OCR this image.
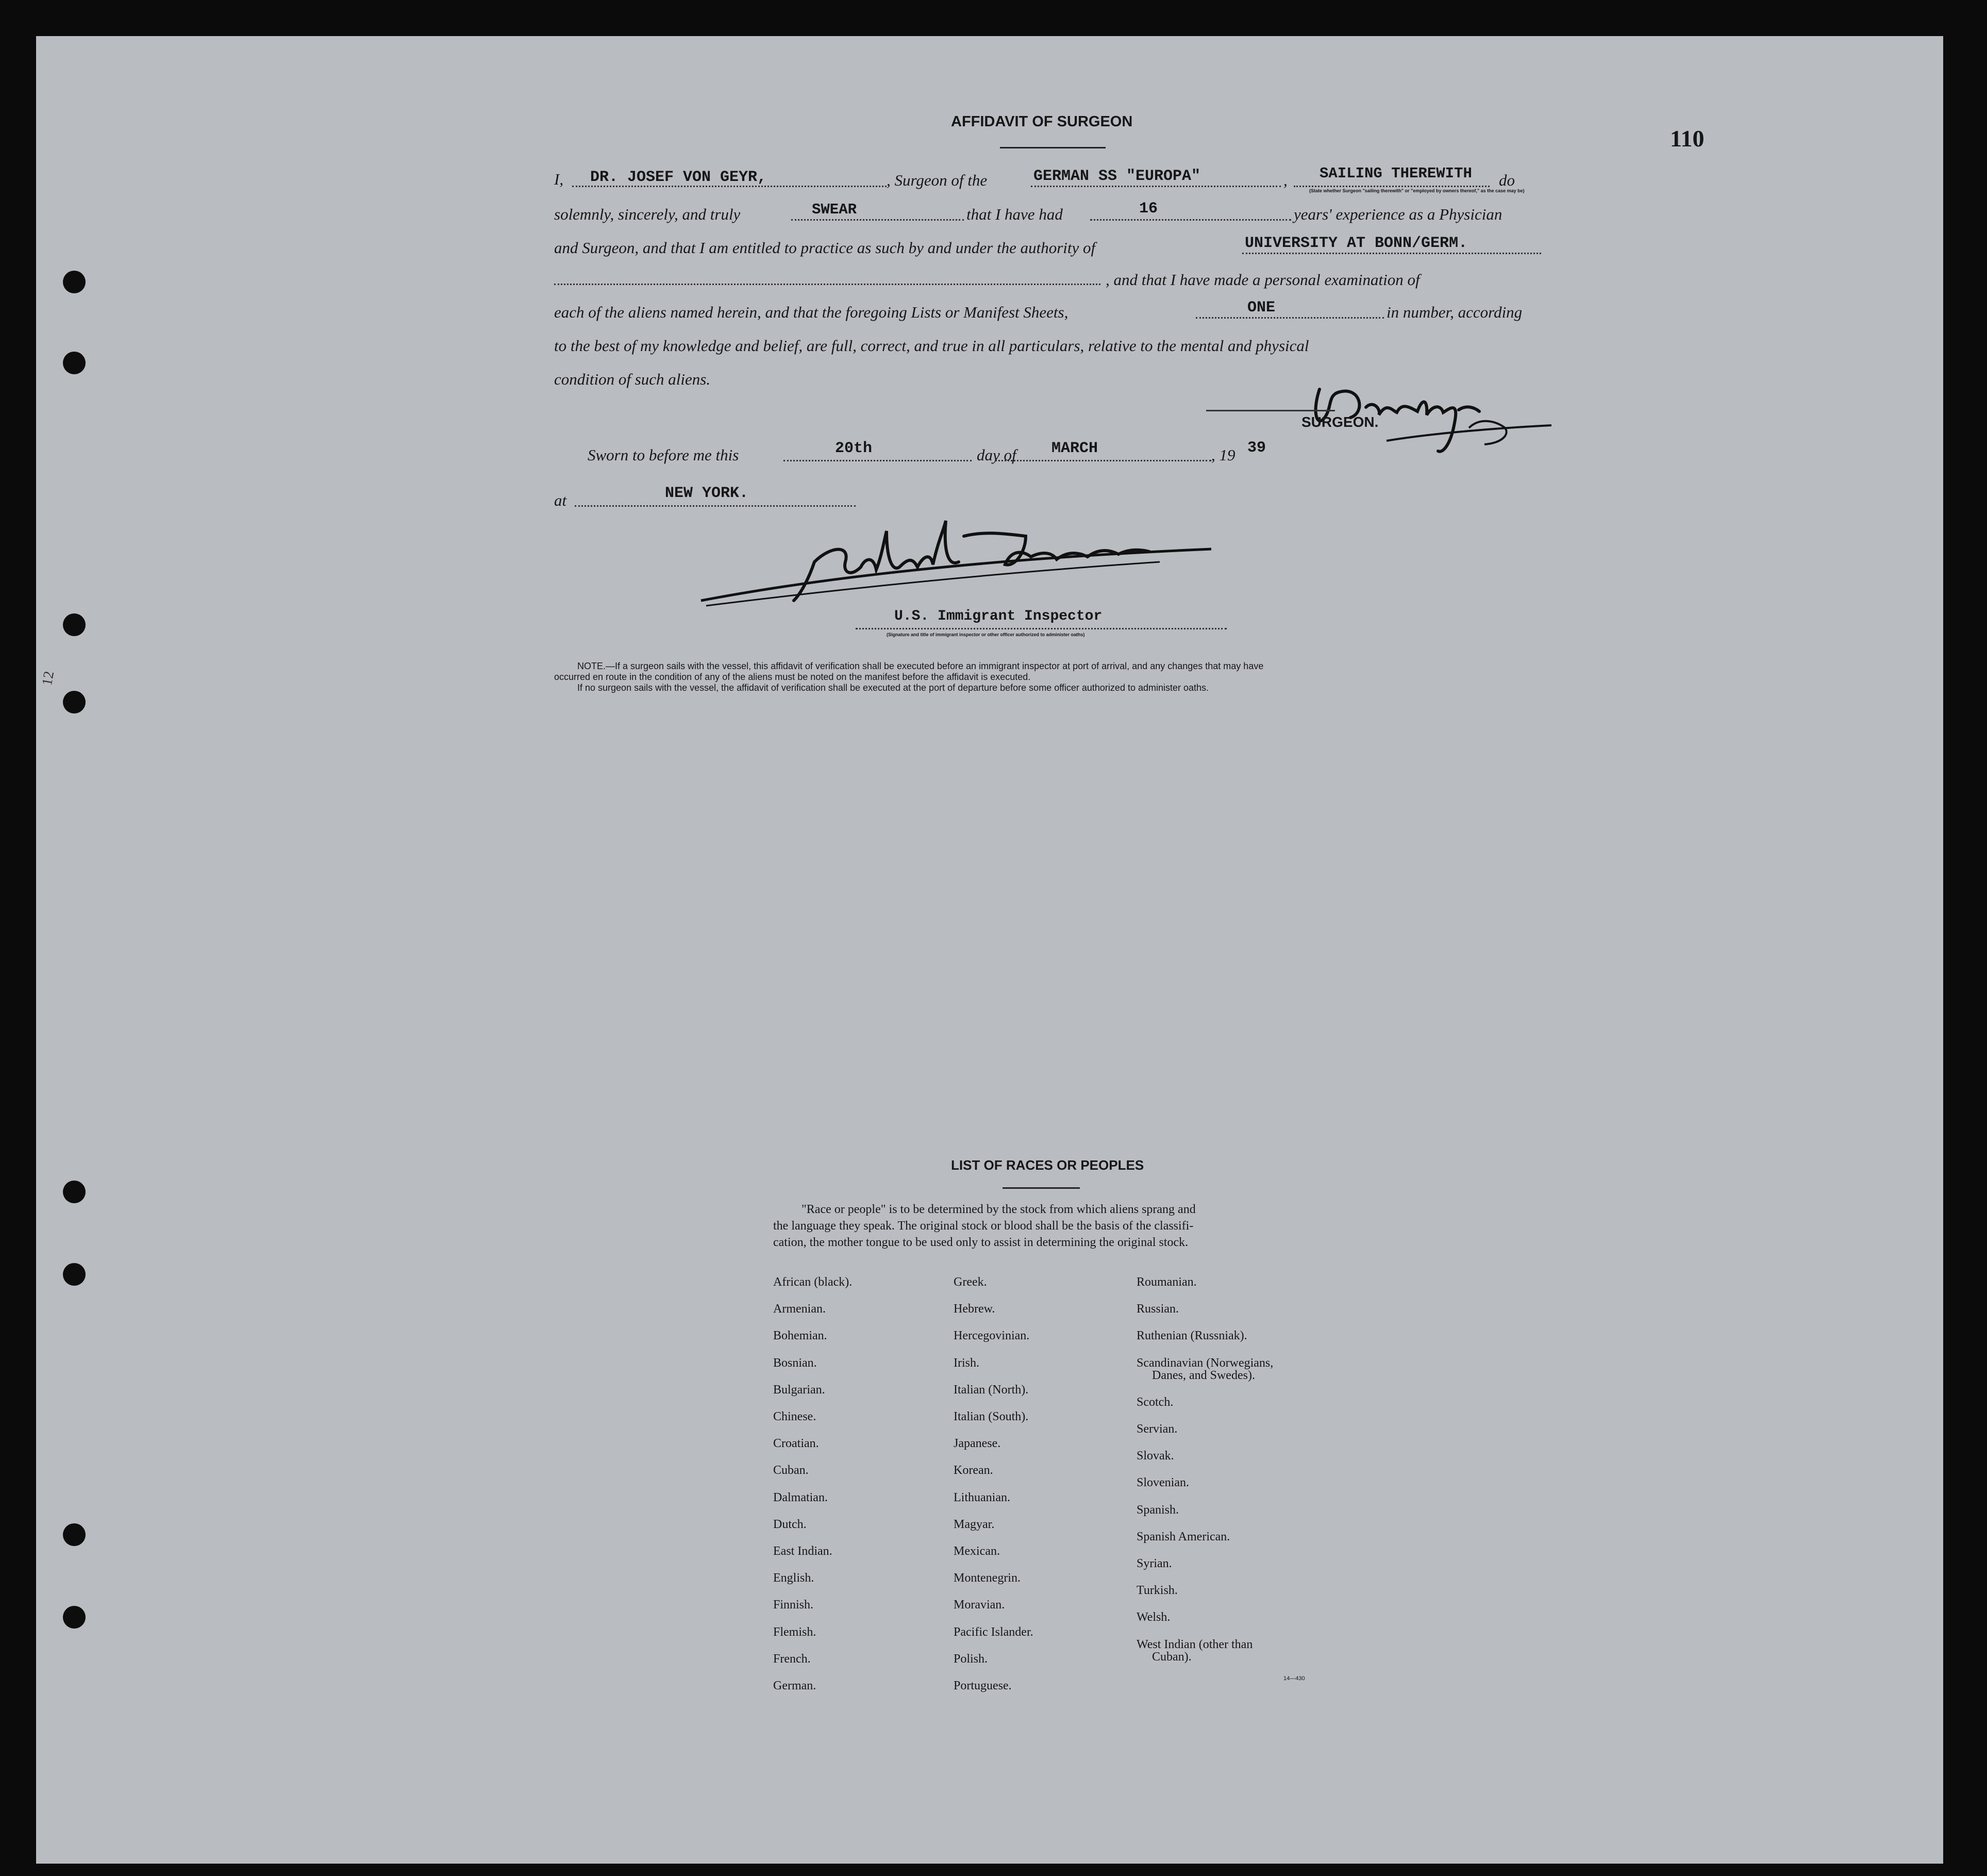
12
110
AFFIDAVIT OF SURGEON
I, DR. JOSEF VON GEYR,	, Surgeon of the	GERMAN SS "EUROPA"	, SAILING THEREWITH do
(State whether Surgeon "sailing therewith" or "employed by owners thereof," as the case may be)
solemnly, sincerely, and truly	SWEAR	that I have had	16	years' experience as a Physician
and Surgeon, and that I am entitled to practice as such by and under the authority of	UNIVERSITY AT BONN/GERM.
, and that I have made a personal examination of
each of the aliens named herein, and that the foregoing Lists or Manifest Sheets,	ONE	in number, according
to the best of my knowledge and belief, are full, correct, and true in all particulars, relative to the mental and physical
condition of such aliens.
SURGEON.
Sworn to before me this	20th	day of MARCH	, 19 39
at	NEW YORK.
U.S. Immigrant Inspector
(Signature and title of immigrant inspector or other officer authorized to administer oaths)
NOTE.—If a surgeon sails with the vessel, this affidavit of verification shall be executed before an immigrant inspector at port of arrival, and any changes that may have
occurred en route in the condition of any of the aliens must be noted on the manifest before the affidavit is executed.
If no surgeon sails with the vessel, the affidavit of verification shall be executed at the port of departure before some officer authorized to administer oaths.
LIST OF RACES OR PEOPLES
"Race or people" is to be determined by the stock from which aliens sprang and
the language they speak. The original stock or blood shall be the basis of the classifi-
cation, the mother tongue to be used only to assist in determining the original stock.
African (black).
Armenian.
Bohemian.
Bosnian.
Bulgarian.
Chinese.
Croatian.
Cuban.
Dalmatian.
Dutch.
East Indian.
English.
Finnish.
Flemish.
French.
German.
Greek.
Hebrew.
Hercegovinian.
Irish.
Italian (North).
Italian (South).
Japanese.
Korean.
Lithuanian.
Magyar.
Mexican.
Montenegrin.
Moravian.
Pacific Islander.
Polish.
Portuguese.
Roumanian.
Russian.
Ruthenian (Russniak).
Scandinavian (Norwegians,
Danes, and Swedes).
Scotch.
Servian.
Slovak.
Slovenian.
Spanish.
Spanish American.
Syrian.
Turkish.
Welsh.
West Indian (other than
Cuban).
14—430
